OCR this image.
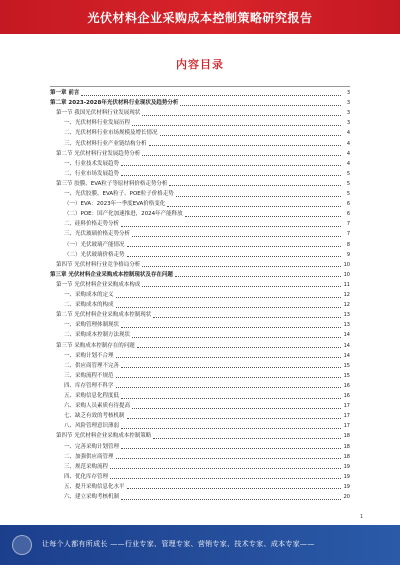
光伏材料企业采购成本控制策略研究报告
内容目录
第一章 前言	3
第二章 2023-2028年光伏材料行业现状及趋势分析	3
第一节 我国光伏材料行业发展现状	3
一、光伏材料行业发展历程	3
二、光伏材料行业市场规模及增长情况	4
三、光伏材料行业产业链结构分析	4
第二节 光伏材料行业发展趋势分析	4
一、行业技术发展趋势	4
二、行业市场发展趋势	5
第三节 胶膜、EVA粒子等原材料价格走势分析	5
一、光伏胶膜、EVA粒子、POE粒子价格走势	5
（一）EVA：2023年一季度EVA价格变化	6
（二）POE：国产化加速推进，2024年产能释放	6
二、硅料价格走势分析	7
三、光伏玻璃价格走势分析	7
（一）光伏玻璃产能情况	8
（二）光伏玻璃价格走势	9
第四节 光伏材料行业竞争格局分析	10
第三章 光伏材料企业采购成本控制现状及存在问题	10
第一节 光伏材料企业采购成本构成	11
一、采购成本的定义	12
二、采购成本的构成	12
第二节 光伏材料企业采购成本控制现状	13
一、采购管理体制现状	13
二、采购成本控制方法现状	14
第三节 采购成本控制存在的问题	14
一、采购计划不合理	14
二、供应商管理不完善	15
三、采购流程不规范	15
四、库存管理不科学	16
五、采购信息化程度低	16
六、采购人员素质有待提高	17
七、缺乏有效的考核机制	17
八、风险管理意识薄弱	17
第四节 光伏材料企业采购成本控制策略	18
一、完善采购计划管理	18
二、加强供应商管理	18
三、规范采购流程	19
四、优化库存管理	19
五、提升采购信息化水平	19
六、建立采购考核机制	20
1
让每个人都有所成长 ——行业专家、管理专家、营销专家、技术专家、成本专家——
